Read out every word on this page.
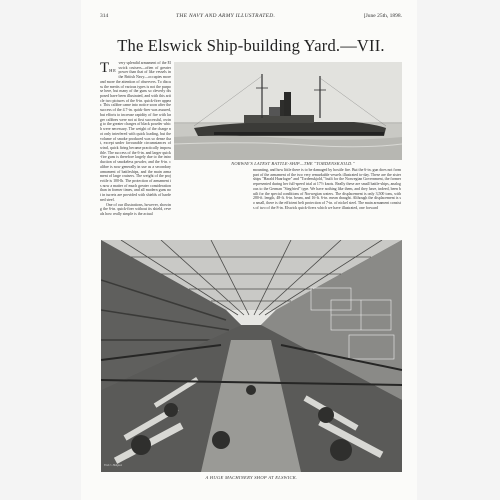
314	THE NAVY AND ARMY ILLUSTRATED.	[June 25th, 1898.
The Elswick Ship-building Yard.—VII.

THE
very splendid armament of the Elswick cruisers—often of greater power than that of like vessels in the British Navy—occupies more and more the attention of observers. To discuss the merits of various types is not the purpose here, but many of the guns so cleverly disposed have been illustrated, and with this article two pictures of the 6-in. quick-firer appear. This calibre came into notice soon after the success of the 4.7-in. quick-firer was assured, but efforts to increase rapidity of fire with larger calibres were not at first successful, owing to the greater charges of black powder which were necessary. The weight of the charge not only interfered with quick loading, but the volume of smoke produced was so dense that, except under favourable circumstances of wind, quick firing became practically impossible. The success of the 6-in. and larger quick-fire guns is therefore largely due to the introduction of smokeless powder, and the 6-in. calibre is now generally in use as a secondary armament of battleships, and the main armament of large cruisers. The weight of the projectile is 100-lb. The protection of armament is now a matter of much greater consideration than in former times, and all modern guns not in turrets are provided with shields of hardened steel.

One of our illustrations, however, showing the 6-in. quick-firer without its shield, reveals how really simple is the actual

mounting, and how little there is to be damaged by hostile fire. But the 6-in. gun does not form part of the armament of the two very remarkable vessels illustrated to-day. These are the sister ships "Harald Haarfagre" and "Tordenskjold," built for the Norwegian Government, the former represented during her full-speed trial at 17½ knots. Really these are small battle-ships, analogous to the German "Siegfried" type. We have nothing like them, and they have, indeed, been built for the special conditions of Norwegian waters. The displacement is only 3,500 tons, with 280-ft. length, 48-ft. 6-in. beam, and 16-ft. 6-in. mean draught. Although the displacement is so small, there is the efficient belt protection of 7-in. of nickel steel. The main armament consists of two of the 8-in. Elswick quick-firers which we have illustrated, one forward

NORWAY'S LATEST BATTLE-SHIP—THE "TORDENSKJOLD."
Fred C. Hodgson
A HUGE MACHINERY SHOP AT ELSWICK.
